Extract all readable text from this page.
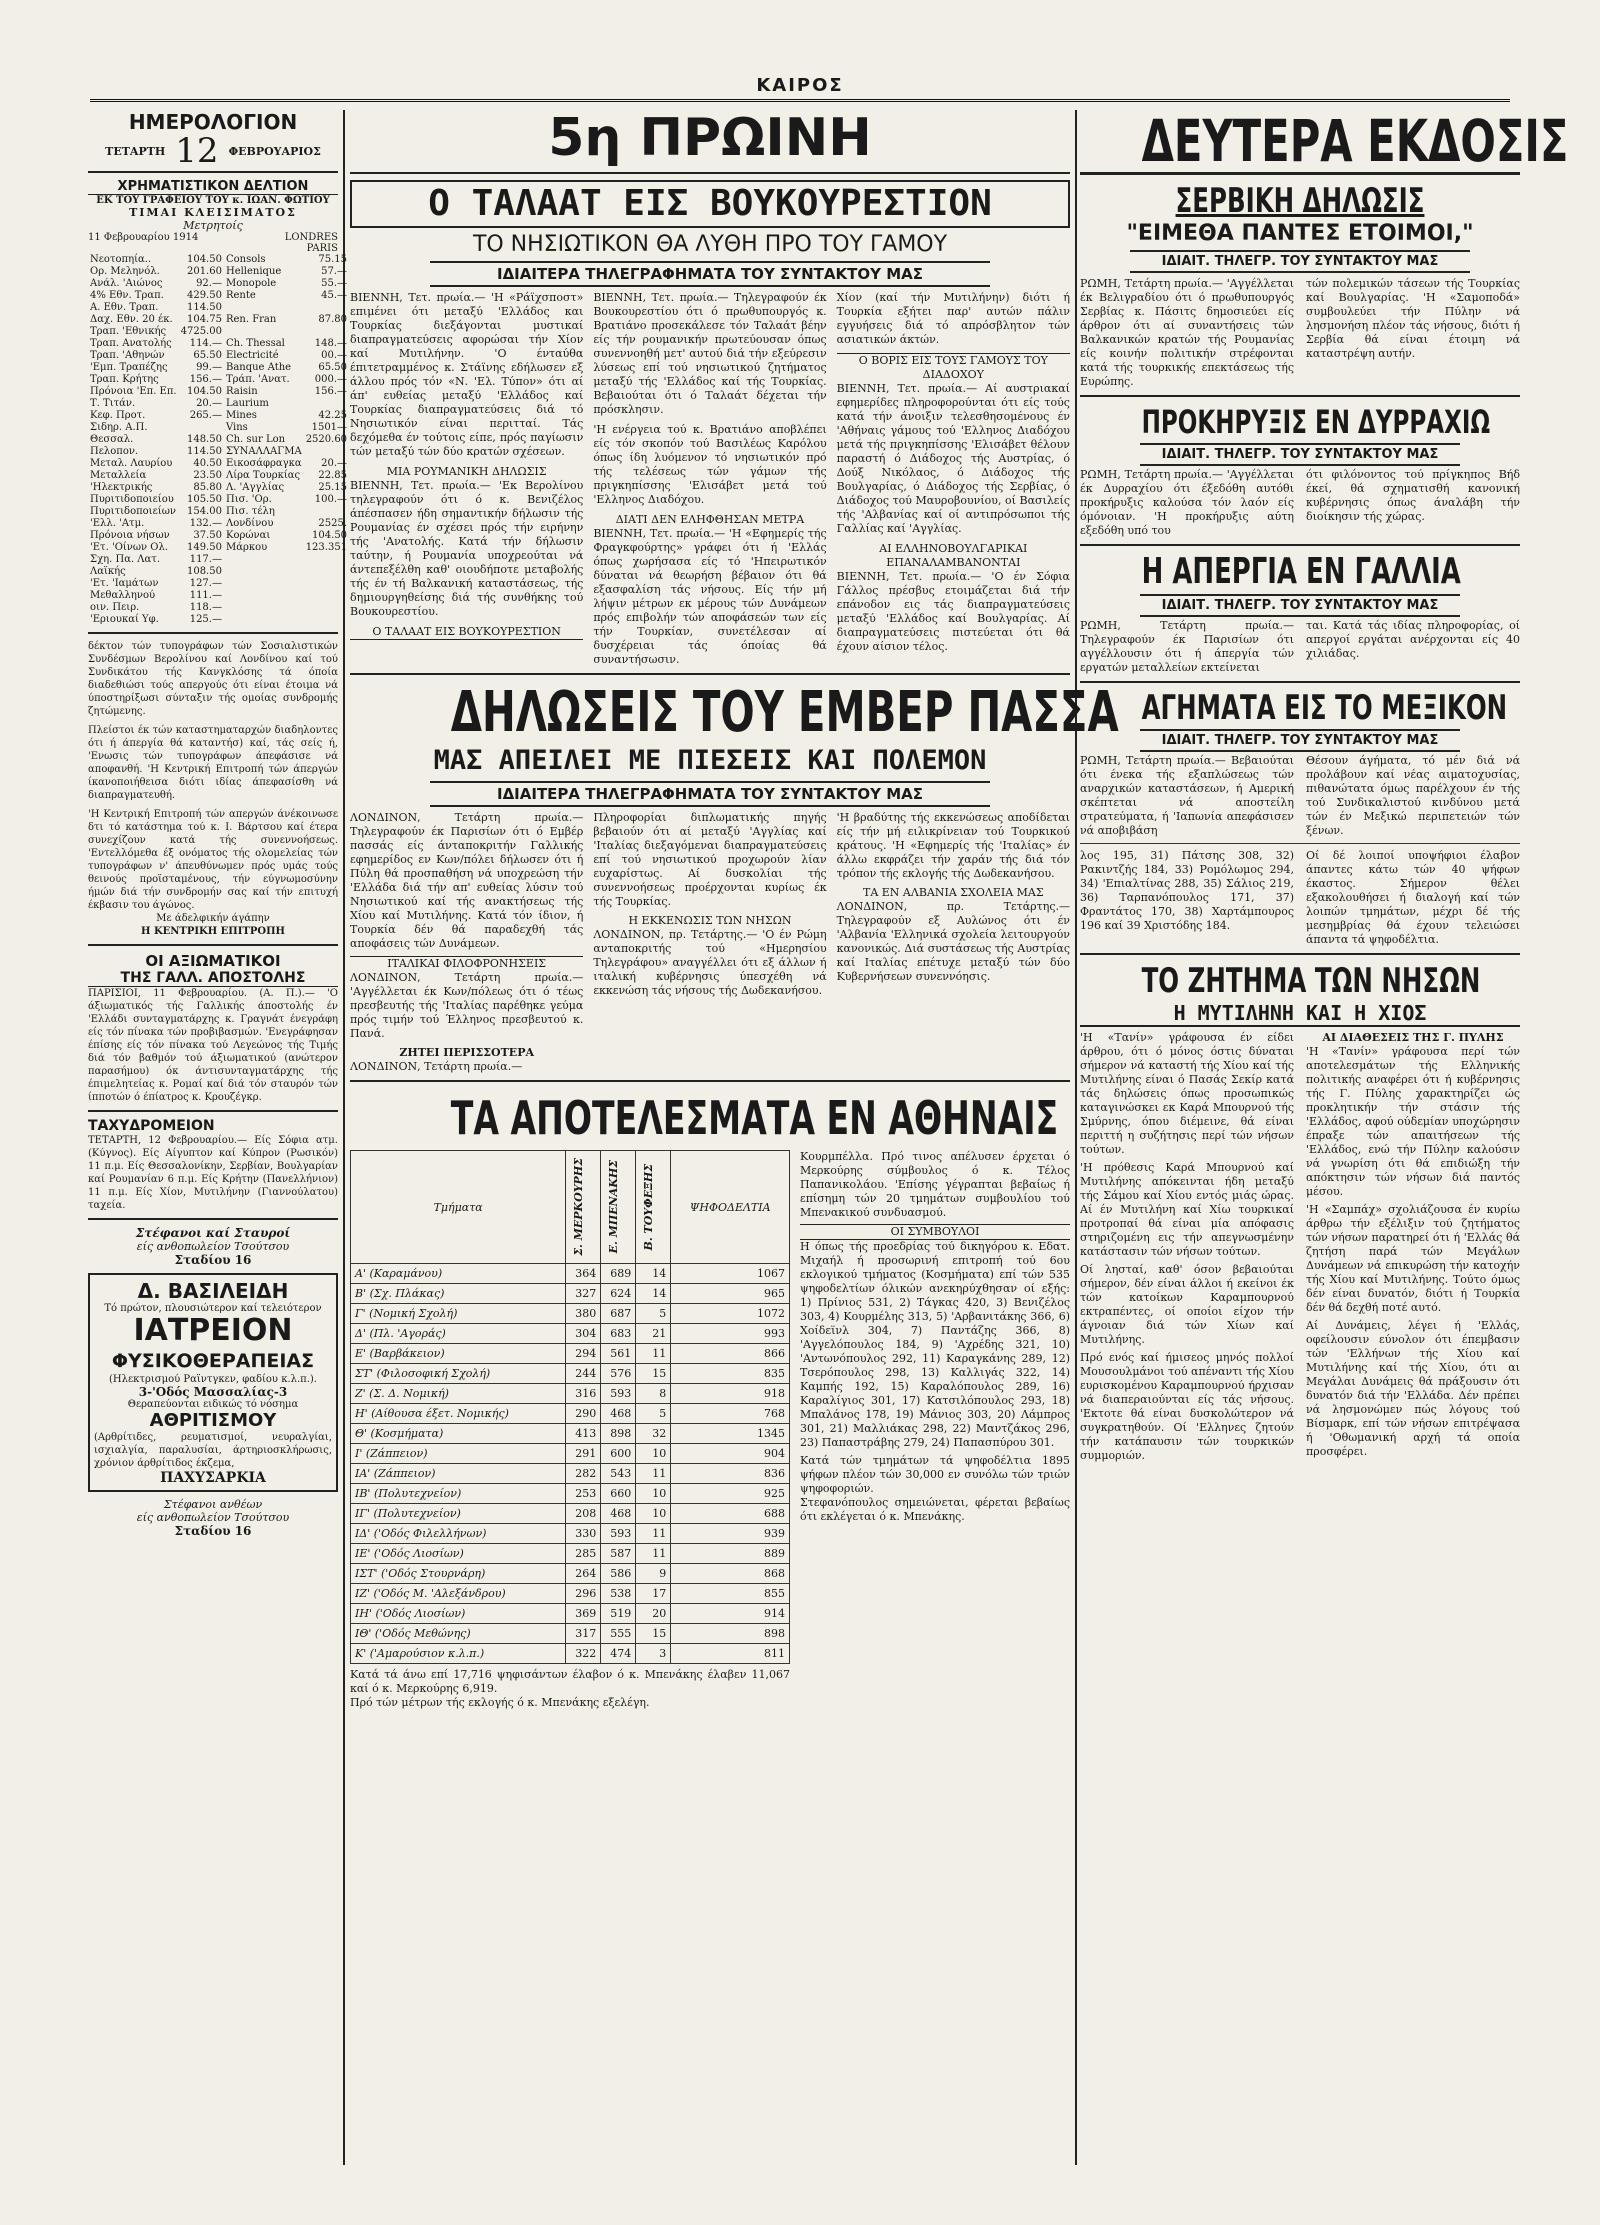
ΚΑΙΡΟΣ
ΗΜΕΡΟΛΟΓΙΟΝ
ΤΕΤΑΡΤΗ 12 ΦΕΒΡΟΥΑΡΙΟΣ
ΧΡΗΜΑΤΙΣΤΙΚΟΝ ΔΕΛΤΙΟΝ
ΕΚ ΤΟΥ ΓΡΑΦΕΙΟΥ ΤΟΥ κ. ΙΩΑΝ. ΦΩΤΙΟΥ
ΤΙΜΑΙ ΚΛΕΙΣΙΜΑΤΟΣ
Μετρητοίς
11 Φεβρουαρίου 1914	LONDRES
PARIS
Νεοτοπηία..	104.50	Consols	75.15
Ορ. Μεληνόλ.	201.60	Hellenique	57.—
Ανάλ. 'Αιώνος	92.—	Monopole	55.—
4% Εθν. Τραπ.	429.50	Rente	45.—
Α. Εθν. Τραπ.	114.50		
Δαχ. Εθν. 20 έκ.	104.75	Ren. Fran	87.80
Τραπ. 'Εθνικής	4725.00		
Τραπ. Ανατολής	114.—	Ch. Thessal	148.—
Τραπ. 'Αθηνών	65.50	Electricité	00.—
'Εμπ. Τραπέζης	99.—	Banque Athe	65.50
Τραπ. Κρήτης	156.—	Τράπ. 'Ανατ.	000.—
Πρόνοια 'Επ. Επ.	104.50	Raisin	156.—
Τ. Τιτάν.	20.—	Laurium	
Κεφ. Προτ.	265.—	Mines	42.25
Σιδηρ. Α.Π.		Vins	1501—
Θεσσαλ.	148.50	Ch. sur Lon	2520.60
Πελοπον.	114.50	ΣΥΝΑΛΛΑΓΜΑ	
Μεταλ. Λαυρίου	40.50	Εικοσάφραγκα	20.—
Μεταλλεία	23.50	Λίρα Τουρκίας	22.85
'Ηλεκτρικής	85.80	Λ. 'Αγγλίας	25.15
Πυριτιδοποιείου	105.50	Πισ. 'Ορ.	100.—
Πυριτιδοποιείων	154.00	Πισ. τέλη	
'Ελλ. 'Ατμ.	132.—	Λονδίνου	2525.
Πρόνοια νήσων	37.50	Κορώναι	104.50
'Ετ. 'Οίνων Ολ.	149.50	Μάρκου	123.351
Σχη. Πα. Λατ.	117.—		
Λαϊκής	108.50		
'Ετ. 'Ιαμάτων	127.—		
Μεθαλληνού	111.—		
οιν. Πειρ.	118.—		
'Εριουκαί Υφ.	125.—		

δέκτον τών τυπογράφων τών Σοσιαλιστικών Συνδέσμων Βερολίνου καί Λονδίνου καί τού Συνδικάτου τής Κανγκλόσης τά όποία διαδεθιώσι τούς απεργούς ότι είναι έτοιμα νά ύποστηρίξωσι σύνταξιν τής ομοίας συνδρομής ζητώμενης.

Πλείστοι έκ τών καταστηματαρχών διαδηλοντες ότι ή άπεργία θά καταντήσ) καί, τάς σείς ή, 'Ενωσις τών τυπογράφων άπεφάσισε νά αποφανθή. 'Η Κεντρική Επιτροπή τών άπεργών ίκανοποιήθεισα διότι ιδίας άπεφασίσθη νά διαπραγματευθή.

'Η Κεντρική Επιτροπή τών απεργών άνέκοινωσε δτι τό κατάστημα τού κ. Ι. Βάρτσου καί έτερα συνεχίζουν κατά τής συνεννοήσεως. 'Εντελλόμεθα έξ ονόματος τής ολομελείας τών τυπογράφων ν' άπευθύνωμεν πρός υμάς τούς θεινούς προϊσταμένους, τήν εύγνωμοσύνην ήμών διά τήν συνδρομήν σας καί τήν επιτυχή έκβασιν του άγώνος.

Με άδελφικήν άγάπην
Η ΚΕΝΤΡΙΚΗ ΕΠΙΤΡΟΠΗ
ΟΙ ΑΞΙΩΜΑΤΙΚΟΙ
ΤΗΣ ΓΑΛΛ. ΑΠΟΣΤΟΛΗΣ

ΠΑΡΙΣΙΟΙ, 11 Φεβρουαρίου. (Α. Π.).— 'Ο άξιωματικός τής Γαλλικής άποστολής έν 'Ελλάδι συνταγματάρχης κ. Γραγνάτ ένεγράφη είς τόν πίνακα τών προβιβασμών. 'Ενεγράφησαν έπίσης είς τόν πίνακα τού Λεγεώνος τής Τιμής διά τόν βαθμόν τού άξιωματικού (ανώτερον παρασήμου) όκ άντισυνταγματάρχης τής έπιμελητείας κ. Ρομαί καί διά τόν σταυρόν τών ίπποτών ό έπίατρος κ. Κρουζέγκρ.

ΤΑΧΥΔΡΟΜΕΙΟΝ

ΤΕΤΑΡΤΗ, 12 Φεβρουαρίου.— Είς Σόφια ατμ. (Κύγνος). Είς Αίγυπτον καί Κύπρον (Ρωσικόν) 11 π.μ. Είς Θεσσαλονίκην, Σερβίαν, Βουλγαρίαν καί Ρουμανίαν 6 π.μ. Είς Κρήτην (Πανελλήνιον) 11 π.μ. Είς Χίον, Μυτιλήνην (Γιαννούλατου) ταχεία.

Στέφανοι καί Σταυροί
είς ανθοπωλείον Τσούτσου
Σταδίου 16
Δ. ΒΑΣΙΛΕΙΔΗ
Τό πρώτον, πλουσιώτερον καί τελειότερον
ΙΑΤΡΕΙΟΝ
ΦΥΣΙΚΟΘΕΡΑΠΕΙΑΣ
(Ηλεκτρισμού Ραϊντγκεν, φαδίου κ.λ.π.).
3-'Οδός Μασσαλίας-3
Θεραπεύονται ειδικώς τό νόσημα
ΑΘΡΙΤΙΣΜΟΥ

(Αρθρίτιδες, ρευματισμοί, νευραλγίαι, ισχιαλγία, παραλυσίαι, άρτηριοσκλήρωσις, χρόνιον άρθρίτιδος έκζεμα,

ΠΑΧΥΣΑΡΚΙΑ
Στέφανοι ανθέων
είς ανθοπωλείον Τσούτσου
Σταδίου 16
5η ΠΡΩΙΝΗ
Ο ΤΑΛΑΑΤ ΕΙΣ ΒΟΥΚΟΥΡΕΣΤΙΟΝ
ΤΟ ΝΗΣΙΩΤΙΚΟΝ ΘΑ ΛΥΘΗ ΠΡΟ ΤΟΥ ΓΑΜΟΥ
ΙΔΙΑΙΤΕΡΑ ΤΗΛΕΓΡΑΦΗΜΑΤΑ ΤΟΥ ΣΥΝΤΑΚΤΟΥ ΜΑΣ

ΒΙΕΝΝΗ, Τετ. πρωία.— 'Η «Ράϊχσποστ» επιμένει ότι μεταξύ 'Ελλάδος και Τουρκίας διεξάγονται μυστικαί διαπραγματεύσεις αφορώσαι τήν Χίον καί Μυτιλήνην. 'Ο ένταύθα έπιτετραμμένος κ. Στάϊνης εδήλωσεν εξ άλλου πρός τόν «Ν. 'Ελ. Τύπον» ότι αί άπ' ευθείας μεταξύ 'Ελλάδος καί Τουρκίας διαπραγματεύσεις διά τό Νησιωτικόν είναι περιτταί. Τάς δεχόμεθα έν τούτοις είπε, πρός παγίωσιν τών μεταξύ τών δύο κρατών σχέσεων.

ΜΙΑ ΡΟΥΜΑΝΙΚΗ ΔΗΛΩΣΙΣ

ΒΙΕΝΝΗ, Τετ. πρωία.— 'Εκ Βερολίνου τηλεγραφούν ότι ό κ. Βενιζέλος άπέσπασεν ήδη σημαντικήν δήλωσιν τής Ρουμανίας έν σχέσει πρός τήν ειρήνην τής 'Ανατολής. Κατά τήν δήλωσιν ταύτην, ή Ρουμανία υποχρεούται νά άντεπεξέλθη καθ' οιουδήποτε μεταβολής τής έν τή Βαλκανική καταστάσεως, τής δημιουργηθείσης διά τής συνθήκης τού Βουκουρεστίου.

Ο ΤΑΛΑΑΤ ΕΙΣ ΒΟΥΚΟΥΡΕΣΤΙΟΝ

ΒΙΕΝΝΗ, Τετ. πρωία.— Τηλεγραφούν έκ Βουκουρεστίου ότι ό πρωθυπουργός κ. Βρατιάνο προσεκάλεσε τόν Ταλαάτ βέην είς τήν ρουμανικήν πρωτεύουσαν όπως συνεννοηθή μετ' αυτού διά τήν εξεύρεσιν λύσεως επί τού νησιωτικού ζητήματος μεταξύ τής 'Ελλάδος καί τής Τουρκίας. Βεβαιούται ότι ό Ταλαάτ δέχεται τήν πρόσκλησιν.

'Η ενέργεια τού κ. Βρατιάνο αποβλέπει είς τόν σκοπόν τού Βασιλέως Καρόλου όπως ίδη λυόμενον τό νησιωτικόν πρό τής τελέσεως τών γάμων τής πριγκηπίσσης 'Ελισάβετ μετά τού 'Ελληνος Διαδόχου.

ΔΙΑΤΙ ΔΕΝ ΕΛΗΦΘΗΣΑΝ ΜΕΤΡΑ

ΒΙΕΝΝΗ, Τετ. πρωία.— 'Η «Εφημερίς τής Φραγκφούρτης» γράφει ότι ή 'Ελλάς όπως χωρήσασα είς τό 'Ηπειρωτικόν δύναται νά θεωρήση βέβαιον ότι θά εξασφαλίση τάς νήσους. Είς τήν μή λήψιν μέτρων εκ μέρους τών Δυνάμεων πρός επιβολήν τών αποφάσεών των είς τήν Τουρκίαν, συνετέλεσαν αί δυσχέρειαι τάς όποίας θά συναντήσωσιν.

Χίον (καί τήν Μυτιλήνην) διότι ή Τουρκία εξήτει παρ' αυτών πάλιν εγγυήσεις διά τό απρόσβλητον τών ασιατικών άκτών.

Ο ΒΟΡΙΣ ΕΙΣ ΤΟΥΣ ΓΑΜΟΥΣ ΤΟΥ ΔΙΑΔΟΧΟΥ

ΒΙΕΝΝΗ, Τετ. πρωία.— Αί αυστριακαί εφημερίδες πληροφορούνται ότι είς τούς κατά τήν άνοιξιν τελεσθησομένους έν 'Αθήναις γάμους τού 'Ελληνος Διαδόχου μετά τής πριγκηπίσσης 'Ελισάβετ θέλουν παραστή ό Διάδοχος τής Αυστρίας, ό Δούξ Νικόλαος, ό Διάδοχος τής Βουλγαρίας, ό Διάδοχος τής Σερβίας, ό Διάδοχος τού Μαυροβουνίου, οί Βασιλείς τής 'Αλβανίας καί οί αντιπρόσωποι τής Γαλλίας καί 'Αγγλίας.

ΑΙ ΕΛΛΗΝΟΒΟΥΛΓΑΡΙΚΑΙ ΕΠΑΝΑΛΑΜΒΑΝΟΝΤΑΙ

ΒΙΕΝΝΗ, Τετ. πρωία.— 'Ο έν Σόφια Γάλλος πρέσβυς ετοιμάζεται διά τήν επάνοδον εις τάς διαπραγματεύσεις μεταξύ 'Ελλάδος καί Βουλγαρίας. Αί διαπραγματεύσεις πιστεύεται ότι θά έχουν αίσιον τέλος.

ΔΗΛΩΣΕΙΣ ΤΟΥ ΕΜΒΕΡ ΠΑΣΣΑ
ΜΑΣ ΑΠΕΙΛΕΙ ΜΕ ΠΙΕΣΕΙΣ ΚΑΙ ΠΟΛΕΜΟΝ
ΙΔΙΑΙΤΕΡΑ ΤΗΛΕΓΡΑΦΗΜΑΤΑ ΤΟΥ ΣΥΝΤΑΚΤΟΥ ΜΑΣ

ΛΟΝΔΙΝΟΝ, Τετάρτη πρωία.— Τηλεγραφούν έκ Παρισίων ότι ό Εμβέρ πασσάς είς άνταποκριτήν Γαλλικής εφημερίδος εν Κων/πόλει δήλωσεν ότι ή Πύλη θά προσπαθήση νά υποχρεώση τήν 'Ελλάδα διά τήν απ' ευθείας λύσιν τού Νησιωτικού καί τής ανακτήσεως τής Χίου καί Μυτιλήνης. Κατά τόν ίδιον, ή Τουρκία δέν θά παραδεχθή τάς αποφάσεις τών Δυνάμεων.

ΙΤΑΛΙΚΑΙ ΦΙΛΟΦΡΟΝΗΣΕΙΣ

ΛΟΝΔΙΝΟΝ, Τετάρτη πρωία.— 'Αγγέλλεται έκ Κων/πόλεως ότι ό τέως πρεσβευτής τής 'Ιταλίας παρέθηκε γεύμα πρός τιμήν τού Έλληνος πρεσβευτού κ. Πανά.

ΖΗΤΕΙ ΠΕΡΙΣΣΟΤΕΡΑ

ΛΟΝΔΙΝΟΝ, Τετάρτη πρωία.—

Πληροφορίαι διπλωματικής πηγής βεβαιούν ότι αί μεταξύ 'Αγγλίας καί 'Ιταλίας διεξαγόμεναι διαπραγματεύσεις επί τού νησιωτικού προχωρούν λίαν ευχαρίστως. Αί δυσκολίαι τής συνεννοήσεως προέρχονται κυρίως έκ τής Τουρκίας.

Η ΕΚΚΕΝΩΣΙΣ ΤΩΝ ΝΗΣΩΝ

ΛΟΝΔΙΝΟΝ, πρ. Τετάρτης.— 'Ο έν Ρώμη ανταποκριτής τού «Ημερησίου Τηλεγράφου» αναγγέλλει ότι εξ άλλων ή ιταλική κυβέρνησις ύπεσχέθη νά εκκενώση τάς νήσους τής Δωδεκανήσου.

'Η βραδύτης τής εκκενώσεως αποδίδεται είς τήν μή ειλικρίνειαν τού Τουρκικού κράτους. 'Η «Εφημερίς τής 'Ιταλίας» έν άλλω εκφράζει τήν χαράν τής διά τόν τρόπον τής εκλογής τής Δωδεκανήσου.

ΤΑ ΕΝ ΑΛΒΑΝΙΑ ΣΧΟΛΕΙΑ ΜΑΣ

ΛΟΝΔΙΝΟΝ, πρ. Τετάρτης.— Τηλεγραφούν εξ Αυλώνος ότι έν 'Αλβανία 'Ελληνικά σχολεία λειτουργούν κανονικώς. Διά συστάσεως τής Αυστρίας καί Ιταλίας επέτυχε μεταξύ τών δύο Κυβερνήσεων συνεννόησις.

ΤΑ ΑΠΟΤΕΛΕΣΜΑΤΑ ΕΝ ΑΘΗΝΑΙΣ
Τμήματα	Σ. ΜΕΡΚΟΥΡΗΣ	Ε. ΜΠΕΝΑΚΗΣ	Β. ΤΟΥΦΕΞΗΣ	ΨΗΦΟΔΕΛΤΙΑ
Α' (Καραμάνου)	364	689	14	1067
Β' (Σχ. Πλάκας)	327	624	14	965
Γ' (Νομική Σχολή)	380	687	5	1072
Δ' (Πλ. 'Αγοράς)	304	683	21	993
Ε' (Βαρβάκειον)	294	561	11	866
ΣΤ' (Φιλοσοφική Σχολή)	244	576	15	835
Ζ' (Σ. Δ. Νομική)	316	593	8	918
Η' (Αίθουσα έξετ. Νομικής)	290	468	5	768
Θ' (Κοσμήματα)	413	898	32	1345
Ι' (Ζάππειον)	291	600	10	904
ΙΑ' (Ζάππειον)	282	543	11	836
ΙΒ' (Πολυτεχνείον)	253	660	10	925
ΙΓ' (Πολυτεχνείον)	208	468	10	688
ΙΔ' ('Οδός Φιλελλήνων)	330	593	11	939
ΙΕ' ('Οδός Λιοσίων)	285	587	11	889
ΙΣΤ' ('Οδός Στουρνάρη)	264	586	9	868
ΙΖ' ('Οδός Μ. 'Αλεξάνδρου)	296	538	17	855
ΙΗ' ('Οδός Λιοσίων)	369	519	20	914
ΙΘ' ('Οδός Μεθώνης)	317	555	15	898
Κ' ('Αμαρούσιον κ.λ.π.)	322	474	3	811

Κατά τά άνω επί 17,716 ψηφισάντων έλαβον ό κ. Μπενάκης έλαβεν 11,067 καί ό κ. Μερκούρης 6,919.

Πρό τών μέτρων τής εκλογής ό κ. Μπενάκης εξελέγη.

Κουρμπέλλα. Πρό τινος απέλυσεν έρχεται ό Μερκούρης σύμβουλος ό κ. Τέλος Παπανικολάου. 'Επίσης γέγραπται βεβαίως ή επίσημη τών 20 τμημάτων συμβουλίου τού Μπενακικού συνδυασμού.

ΟΙ ΣΥΜΒΟΥΛΟΙ

Η όπως τής προεδρίας τού δικηγόρου κ. Εδατ. Μιχαήλ ή προσωρινή επιτροπή τού 6ου εκλογικού τμήματος (Κοσμήματα) επί τών 535 ψηφοδελτίων όλικών ανεκηρύχθησαν οί εξής: 1) Πρίνιος 531, 2) Τάγκας 420, 3) Βενιζέλος 303, 4) Κουρμέλης 313, 5) 'Αρβανιτάκης 366, 6) Χοίδεϊνλ 304, 7) Παντάζης 366, 8) 'Αγγελόπουλος 184, 9) 'Αχρέδης 321, 10) 'Αντωνόπουλος 292, 11) Καραγκάνης 289, 12) Τσερόπουλος 298, 13) Καλλιγάς 322, 14) Καμπής 192, 15) Καραλόπουλος 289, 16) Καραλίγιος 301, 17) Κατσιλόπουλος 293, 18) Μπαλάνος 178, 19) Μάνιος 303, 20) Λάμπρος 301, 21) Μαλλιάκας 298, 22) Μαντζάκος 296, 23) Παπαστράβης 279, 24) Παπασπύρου 301.

Κατά τών τμημάτων τά ψηφοδέλτια 1895 ψήφων πλέον τών 30,000 εν συνόλω τών τριών ψηφοφοριών.

Στεφανόπουλος σημειώνεται, φέρεται βεβαίως ότι εκλέγεται ό κ. Μπενάκης.

ΔΕΥΤΕΡΑ ΕΚΔΟΣΙΣ
ΣΕΡΒΙΚΗ ΔΗΛΩΣΙΣ
"ΕΙΜΕΘΑ ΠΑΝΤΕΣ ΕΤΟΙΜΟΙ,"
ΙΔΙΑΙΤ. ΤΗΛΕΓΡ. ΤΟΥ ΣΥΝΤΑΚΤΟΥ ΜΑΣ

ΡΩΜΗ, Τετάρτη πρωία.— 'Αγγέλλεται έκ Βελιγραδίου ότι ό πρωθυπουργός Σερβίας κ. Πάσιτς δημοσιεύει είς άρθρον ότι αί συναντήσεις τών Βαλκανικών κρατών τής Ρουμανίας είς κοινήν πολιτικήν στρέφονται κατά τής τουρκικής επεκτάσεως τής Ευρώπης.

τών πολεμικών τάσεων τής Τουρκίας καί Βουλγαρίας. 'Η «Σαμοποδά» συμβουλεύει τήν Πύλην νά λησμονήση πλέον τάς νήσους, διότι ή Σερβία θά είναι έτοιμη νά καταστρέψη αυτήν.

ΠΡΟΚΗΡΥΞΙΣ ΕΝ ΔΥΡΡΑΧΙΩ
ΙΔΙΑΙΤ. ΤΗΛΕΓΡ. ΤΟΥ ΣΥΝΤΑΚΤΟΥ ΜΑΣ

ΡΩΜΗ, Τετάρτη πρωία.— 'Αγγέλλεται έκ Δυρραχίου ότι έξεδόθη αυτόθι προκήρυξις καλούσα τόν λαόν είς όμόνοιαν. 'Η προκήρυξις αύτη εξεδόθη υπό του

ότι φιλόνοντος τού πρίγκηπος Βήδ έκεί, θά σχηματισθή κανονική κυβέρνησις όπως άναλάβη τήν διοίκησιν τής χώρας.

Η ΑΠΕΡΓΙΑ ΕΝ ΓΑΛΛΙΑ
ΙΔΙΑΙΤ. ΤΗΛΕΓΡ. ΤΟΥ ΣΥΝΤΑΚΤΟΥ ΜΑΣ

ΡΩΜΗ, Τετάρτη πρωία.— Τηλεγραφούν έκ Παρισίων ότι αγγέλλουσιν ότι ή άπεργία τών εργατών μεταλλείων εκτείνεται

ται. Κατά τάς ιδίας πληροφορίας, οί απεργοί εργάται ανέρχονται είς 40 χιλιάδας.

ΑΓΗΜΑΤΑ ΕΙΣ ΤΟ ΜΕΞΙΚΟΝ
ΙΔΙΑΙΤ. ΤΗΛΕΓΡ. ΤΟΥ ΣΥΝΤΑΚΤΟΥ ΜΑΣ

ΡΩΜΗ, Τετάρτη πρωία.— Βεβαιούται ότι ένεκα τής εξαπλώσεως τών αναρχικών καταστάσεων, ή Αμερική σκέπτεται νά αποστείλη στρατεύματα, ή 'Ιαπωνία απεφάσισεν νά αποβιβάση

Θέσουν άγήματα, τό μέν διά νά προλάβουν καί νέας αιματοχυσίας, πιθανώτατα όμως παρέλχουν έν τής τού Συνδικαλιστού κινδύνου μετά τών έν Μεξικώ περιπετειών τών ξένων.

λος 195, 31) Πάτσης 308, 32) Ρακιντζής 184, 33) Ρομόλωμος 294, 34) 'Επιαλτίνας 288, 35) Σάλιος 219, 36) Ταρπανόπουλος 171, 37) Φραντάτος 170, 38) Χαρτάμπουρος 196 καί 39 Χριστόδης 184.

Οί δέ λοιποί υποψήφιοι έλαβον άπαντες κάτω τών 40 ψήφων έκαστος. Σήμερον θέλει εξακολουθήσει ή διαλογή καί τών λοιπών τμημάτων, μέχρι δέ τής μεσημβρίας θά έχουν τελειώσει άπαντα τά ψηφοδέλτια.

ΤΟ ΖΗΤΗΜΑ ΤΩΝ ΝΗΣΩΝ
Η ΜΥΤΙΛΗΝΗ ΚΑΙ Η ΧΙΟΣ

'Η «Τανίν» γράφουσα έν είδει άρθρου, ότι ό μόνος όστις δύναται σήμερον νά καταστή τής Χίου καί τής Μυτιλήνης είναι ό Πασάς Σεκίρ κατά τάς δηλώσεις όπως προσωπικώς καταγινώσκει εκ Καρά Μπουρνού τής Σμύρνης, όπου διέμεινε, θά είναι περιττή η συζήτησις περί τών νήσων τούτων.

'Η πρόθεσις Καρά Μπουρνού καί Μυτιλήνης απόκεινται ήδη μεταξύ τής Σάμου καί Χίου εντός μιάς ώρας. Αί έν Μυτιλήνη καί Χίω τουρκικαί προτροπαί θά είναι μία απόφασις στηριζομένη εις τήν απεγνωσμένην κατάστασιν τών νήσων τούτων.

Οί λησταί, καθ' όσον βεβαιούται σήμερον, δέν είναι άλλοι ή εκείνοι έκ τών κατοίκων Καραμπουρνού εκτραπέντες, οί οποίοι είχον τήν άγνοιαν διά τών Χίων καί Μυτιλήνης.

Πρό ενός καί ήμισεος μηνός πολλοί Μουσουλμάνοι τού απέναντι τής Χίου ευρισκομένου Καραμπουρνού ήρχισαν νά διαπεραιούνται είς τάς νήσους. 'Εκτοτε θά είναι δυσκολώτερον νά συγκρατηθούν. Οί 'Ελληνες ζητούν τήν κατάπαυσιν τών τουρκικών συμμοριών.

ΑΙ ΔΙΑΘΕΣΕΙΣ ΤΗΣ Γ. ΠΥΛΗΣ

'Η «Τανίν» γράφουσα περί τών αποτελεσμάτων τής Ελληνικής πολιτικής αναφέρει ότι ή κυβέρνησις τής Γ. Πύλης χαρακτηρίζει ώς προκλητικήν τήν στάσιν τής 'Ελλάδος, αφού ούδεμίαν υποχώρησιν έπραξε τών απαιτήσεων τής 'Ελλάδος, ενώ τήν Πύλην καλούσιν νά γνωρίση ότι θά επιδιώξη τήν απόκτησιν τών νήσων διά παντός μέσου.

'Η «Σαμπάχ» σχολιάζουσα έν κυρίω άρθρω τήν εξέλιξιν τού ζητήματος τών νήσων παρατηρεί ότι ή 'Ελλάς θά ζητήση παρά τών Μεγάλων Δυνάμεων νά επικυρώση τήν κατοχήν τής Χίου καί Μυτιλήνης. Τούτο όμως δέν είναι δυνατόν, διότι ή Τουρκία δέν θά δεχθή ποτέ αυτό.

Αί Δυνάμεις, λέγει ή 'Ελλάς, οφείλουσιν εύνολον ότι έπεμβασιν τών 'Ελλήνων τής Χίου καί Μυτιλήνης καί τής Χίου, ότι αι Μεγάλαι Δυνάμεις θά πράξουσιν ότι δυνατόν διά τήν 'Ελλάδα. Δέν πρέπει νά λησμονώμεν πώς λόγους τού Βίσμαρκ, επί τών νήσων επιτρέψασα ή 'Οθωμανική αρχή τά οποία προσφέρει.
